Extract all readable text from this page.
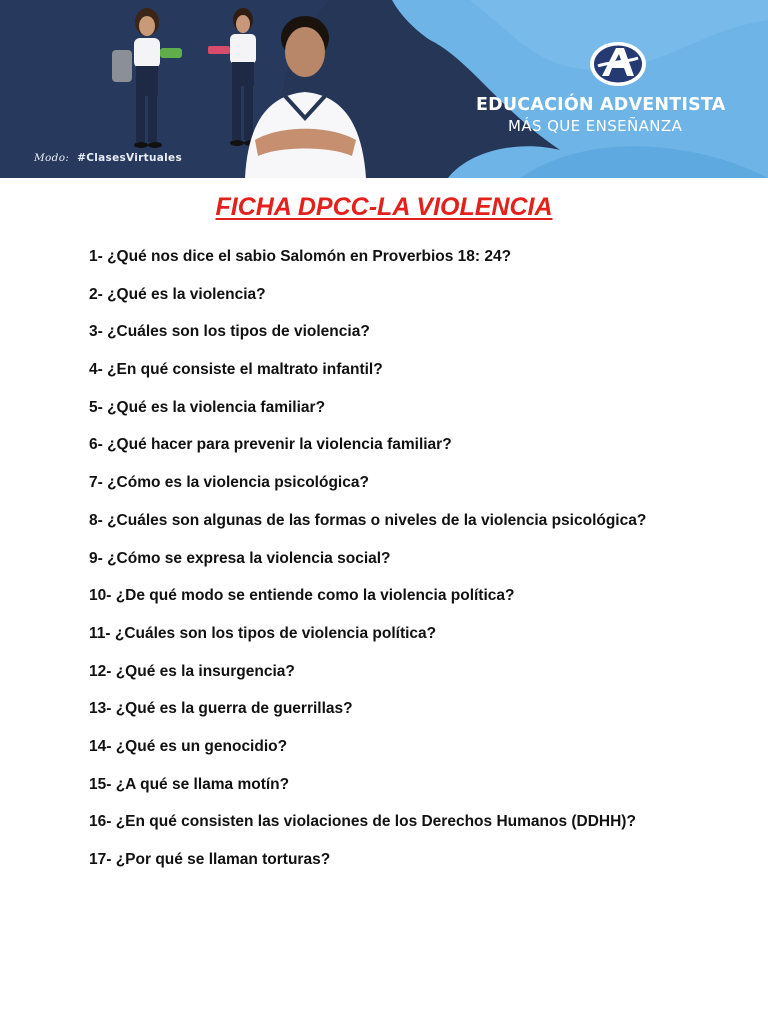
Modo: #ClasesVirtuales
EDUCACIÓN ADVENTISTA
MÁS QUE ENSEÑANZA
FICHA DPCC-LA VIOLENCIA
1- ¿Qué nos dice el sabio Salomón en Proverbios 18: 24?
2- ¿Qué es la violencia?
3- ¿Cuáles son los tipos de violencia?
4- ¿En qué consiste el maltrato infantil?
5- ¿Qué es la violencia familiar?
6- ¿Qué hacer para prevenir la violencia familiar?
7- ¿Cómo es la violencia psicológica?
8- ¿Cuáles son algunas de las formas o niveles de la violencia psicológica?
9- ¿Cómo se expresa la violencia social?
10- ¿De qué modo se entiende como la violencia política?
11- ¿Cuáles son los tipos de violencia política?
12- ¿Qué es la insurgencia?
13- ¿Qué es la guerra de guerrillas?
14- ¿Qué es un genocidio?
15- ¿A qué se llama motín?
16- ¿En qué consisten las violaciones de los Derechos Humanos (DDHH)?
17- ¿Por qué se llaman torturas?
